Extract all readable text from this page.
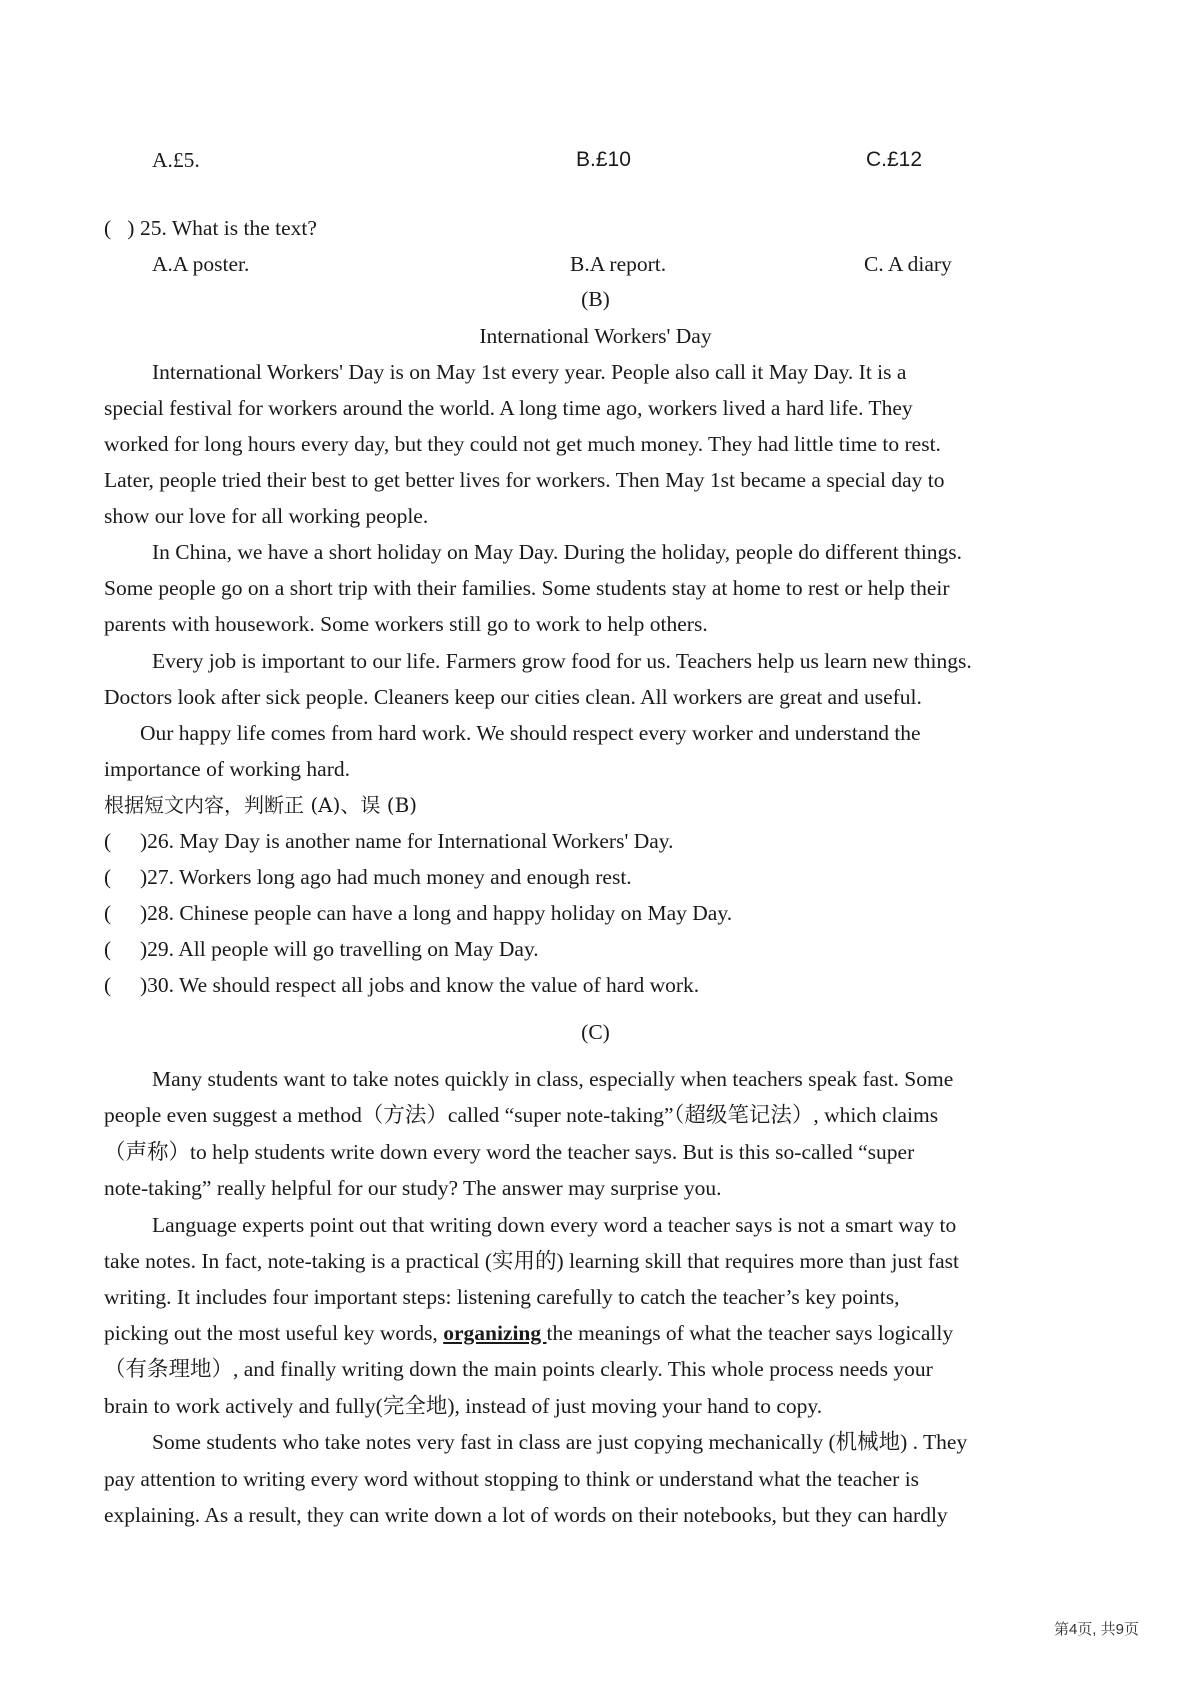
A.£5.	B.£10	C.£12
( ) 25. What is the text?
A.A poster.	B.A report.	C. A diary
(B)
International Workers' Day
International Workers' Day is on May 1st every year. People also call it May Day. It is a
special festival for workers around the world. A long time ago, workers lived a hard life. They
worked for long hours every day, but they could not get much money. They had little time to rest.
Later, people tried their best to get better lives for workers. Then May 1st became a special day to
show our love for all working people.
In China, we have a short holiday on May Day. During the holiday, people do different things.
Some people go on a short trip with their families. Some students stay at home to rest or help their
parents with housework. Some workers still go to work to help others.
Every job is important to our life. Farmers grow food for us. Teachers help us learn new things.
Doctors look after sick people. Cleaners keep our cities clean. All workers are great and useful.
Our happy life comes from hard work. We should respect every worker and understand the
importance of working hard.
根据短文内容，判断正 (A)、误 (B)
( )26. May Day is another name for International Workers' Day.
( )27. Workers long ago had much money and enough rest.
( )28. Chinese people can have a long and happy holiday on May Day.
( )29. All people will go travelling on May Day.
( )30. We should respect all jobs and know the value of hard work.
(C)
Many students want to take notes quickly in class, especially when teachers speak fast. Some
people even suggest a method（方法）called “super note-taking”（超级笔记法）, which claims
（声称）to help students write down every word the teacher says. But is this so-called “super
note-taking” really helpful for our study? The answer may surprise you.
Language experts point out that writing down every word a teacher says is not a smart way to
take notes. In fact, note-taking is a practical (实用的) learning skill that requires more than just fast
writing. It includes four important steps: listening carefully to catch the teacher’s key points,
picking out the most useful key words, organizing the meanings of what the teacher says logically
（有条理地）, and finally writing down the main points clearly. This whole process needs your
brain to work actively and fully(完全地), instead of just moving your hand to copy.
Some students who take notes very fast in class are just copying mechanically (机械地) . They
pay attention to writing every word without stopping to think or understand what the teacher is
explaining. As a result, they can write down a lot of words on their notebooks, but they can hardly
第4页, 共9页
